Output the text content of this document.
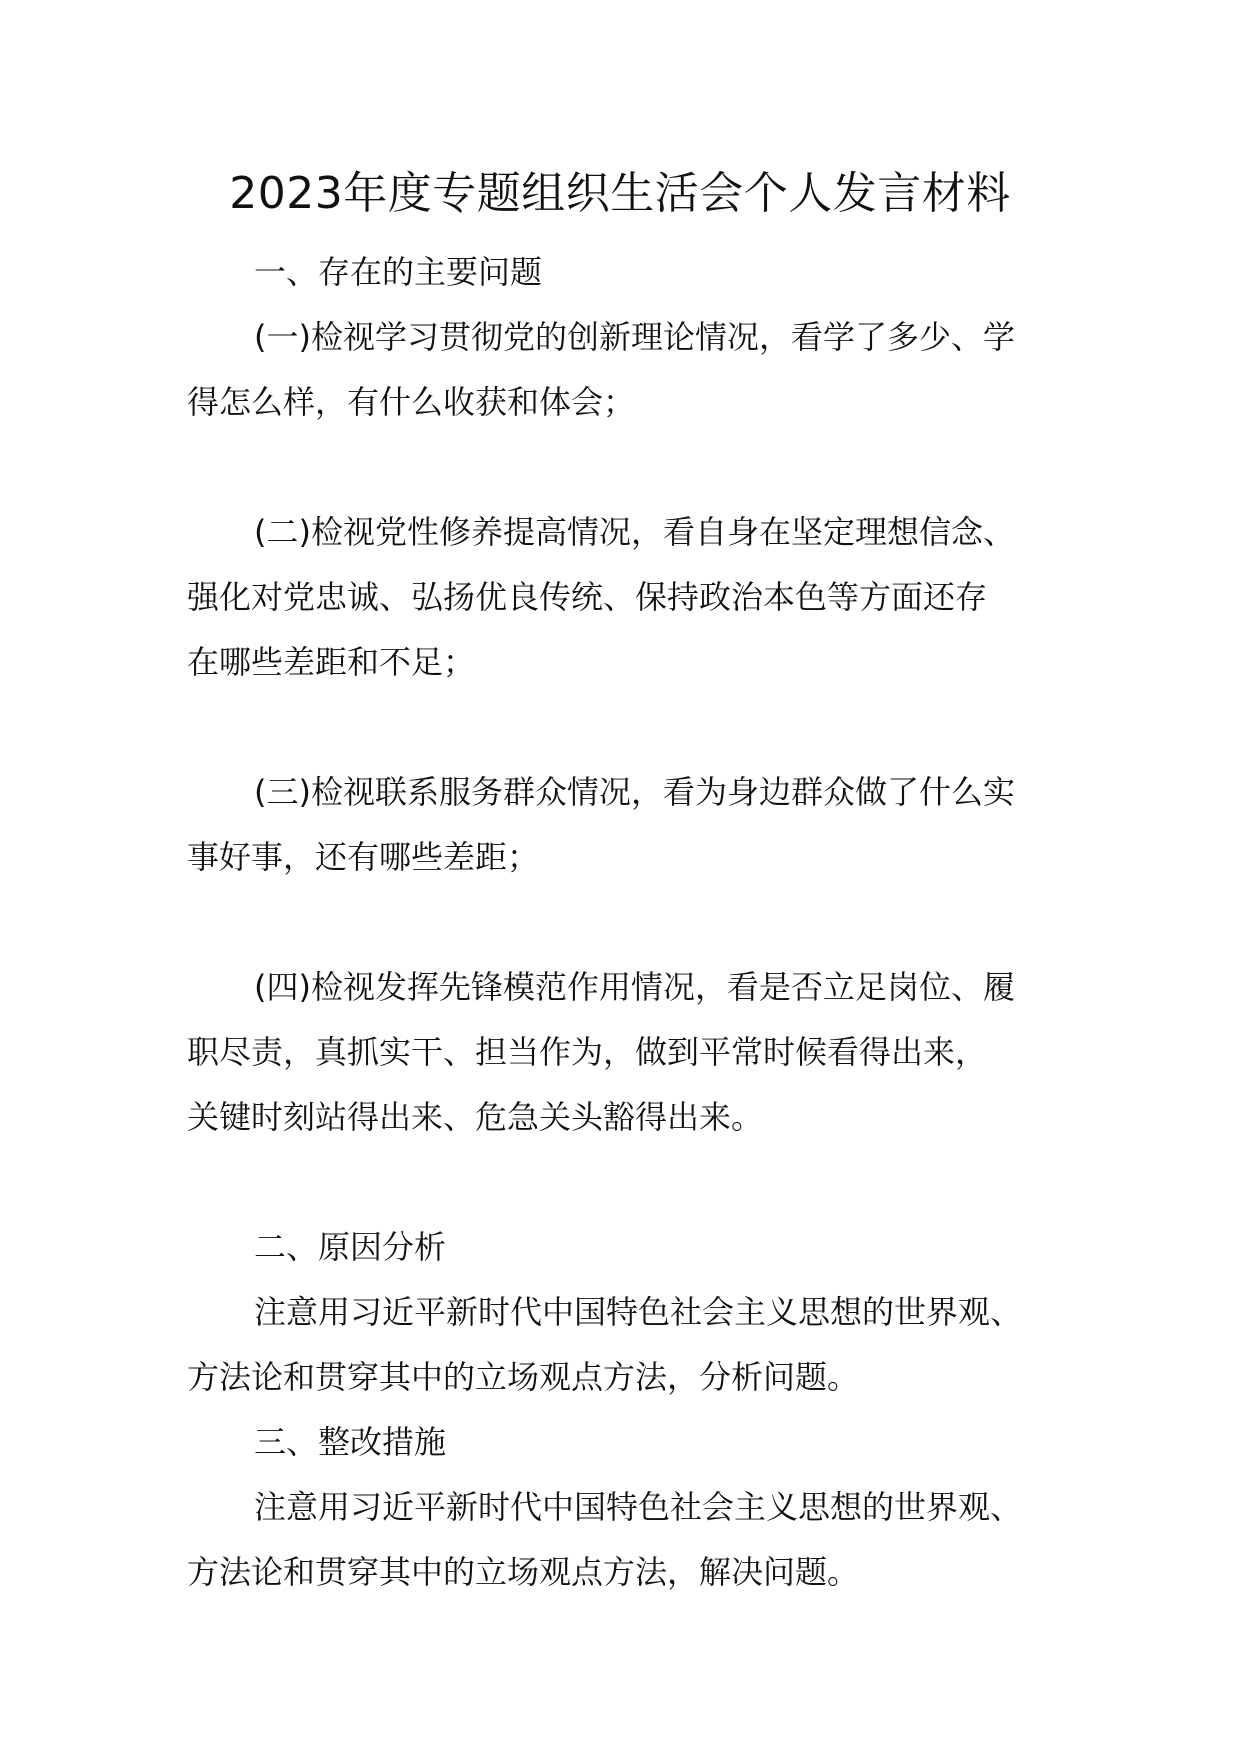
2023年度专题组织生活会个人发言材料

一、存在的主要问题

(一)检视学习贯彻党的创新理论情况，看学了多少、学

得怎么样，有什么收获和体会；

(二)检视党性修养提高情况，看自身在坚定理想信念、

强化对党忠诚、弘扬优良传统、保持政治本色等方面还存

在哪些差距和不足；

(三)检视联系服务群众情况，看为身边群众做了什么实

事好事，还有哪些差距；

(四)检视发挥先锋模范作用情况，看是否立足岗位、履

职尽责，真抓实干、担当作为，做到平常时候看得出来，

关键时刻站得出来、危急关头豁得出来。

二、原因分析

注意用习近平新时代中国特色社会主义思想的世界观、

方法论和贯穿其中的立场观点方法，分析问题。

三、整改措施

注意用习近平新时代中国特色社会主义思想的世界观、

方法论和贯穿其中的立场观点方法，解决问题。
